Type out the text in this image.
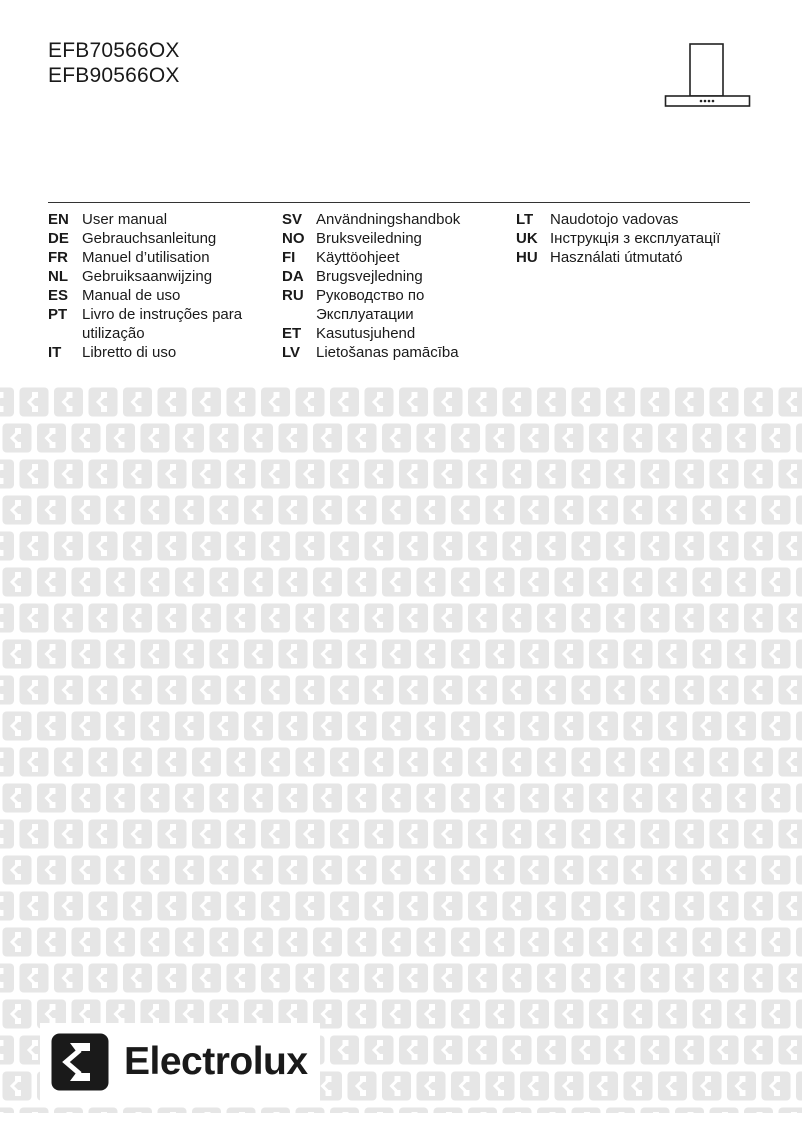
EFB70566OX
EFB90566OX
EN User manual
DE Gebrauchsanleitung
FR Manuel d’utilisation
NL Gebruiksaanwijzing
ES Manual de uso
PT Livro de instruções para utilização
IT	Libretto di uso
SV Användningshandbok
NO Bruksveiledning
FI	Käyttöohjeet
DA Brugsvejledning
RU Руководство по Эксплуатации
ET Kasutusjuhend
LV	Lietošanas pamācība
LT	Naudotojo vadovas
UK Інструкція з експлуатації
HU Használati útmutató
Electrolux
